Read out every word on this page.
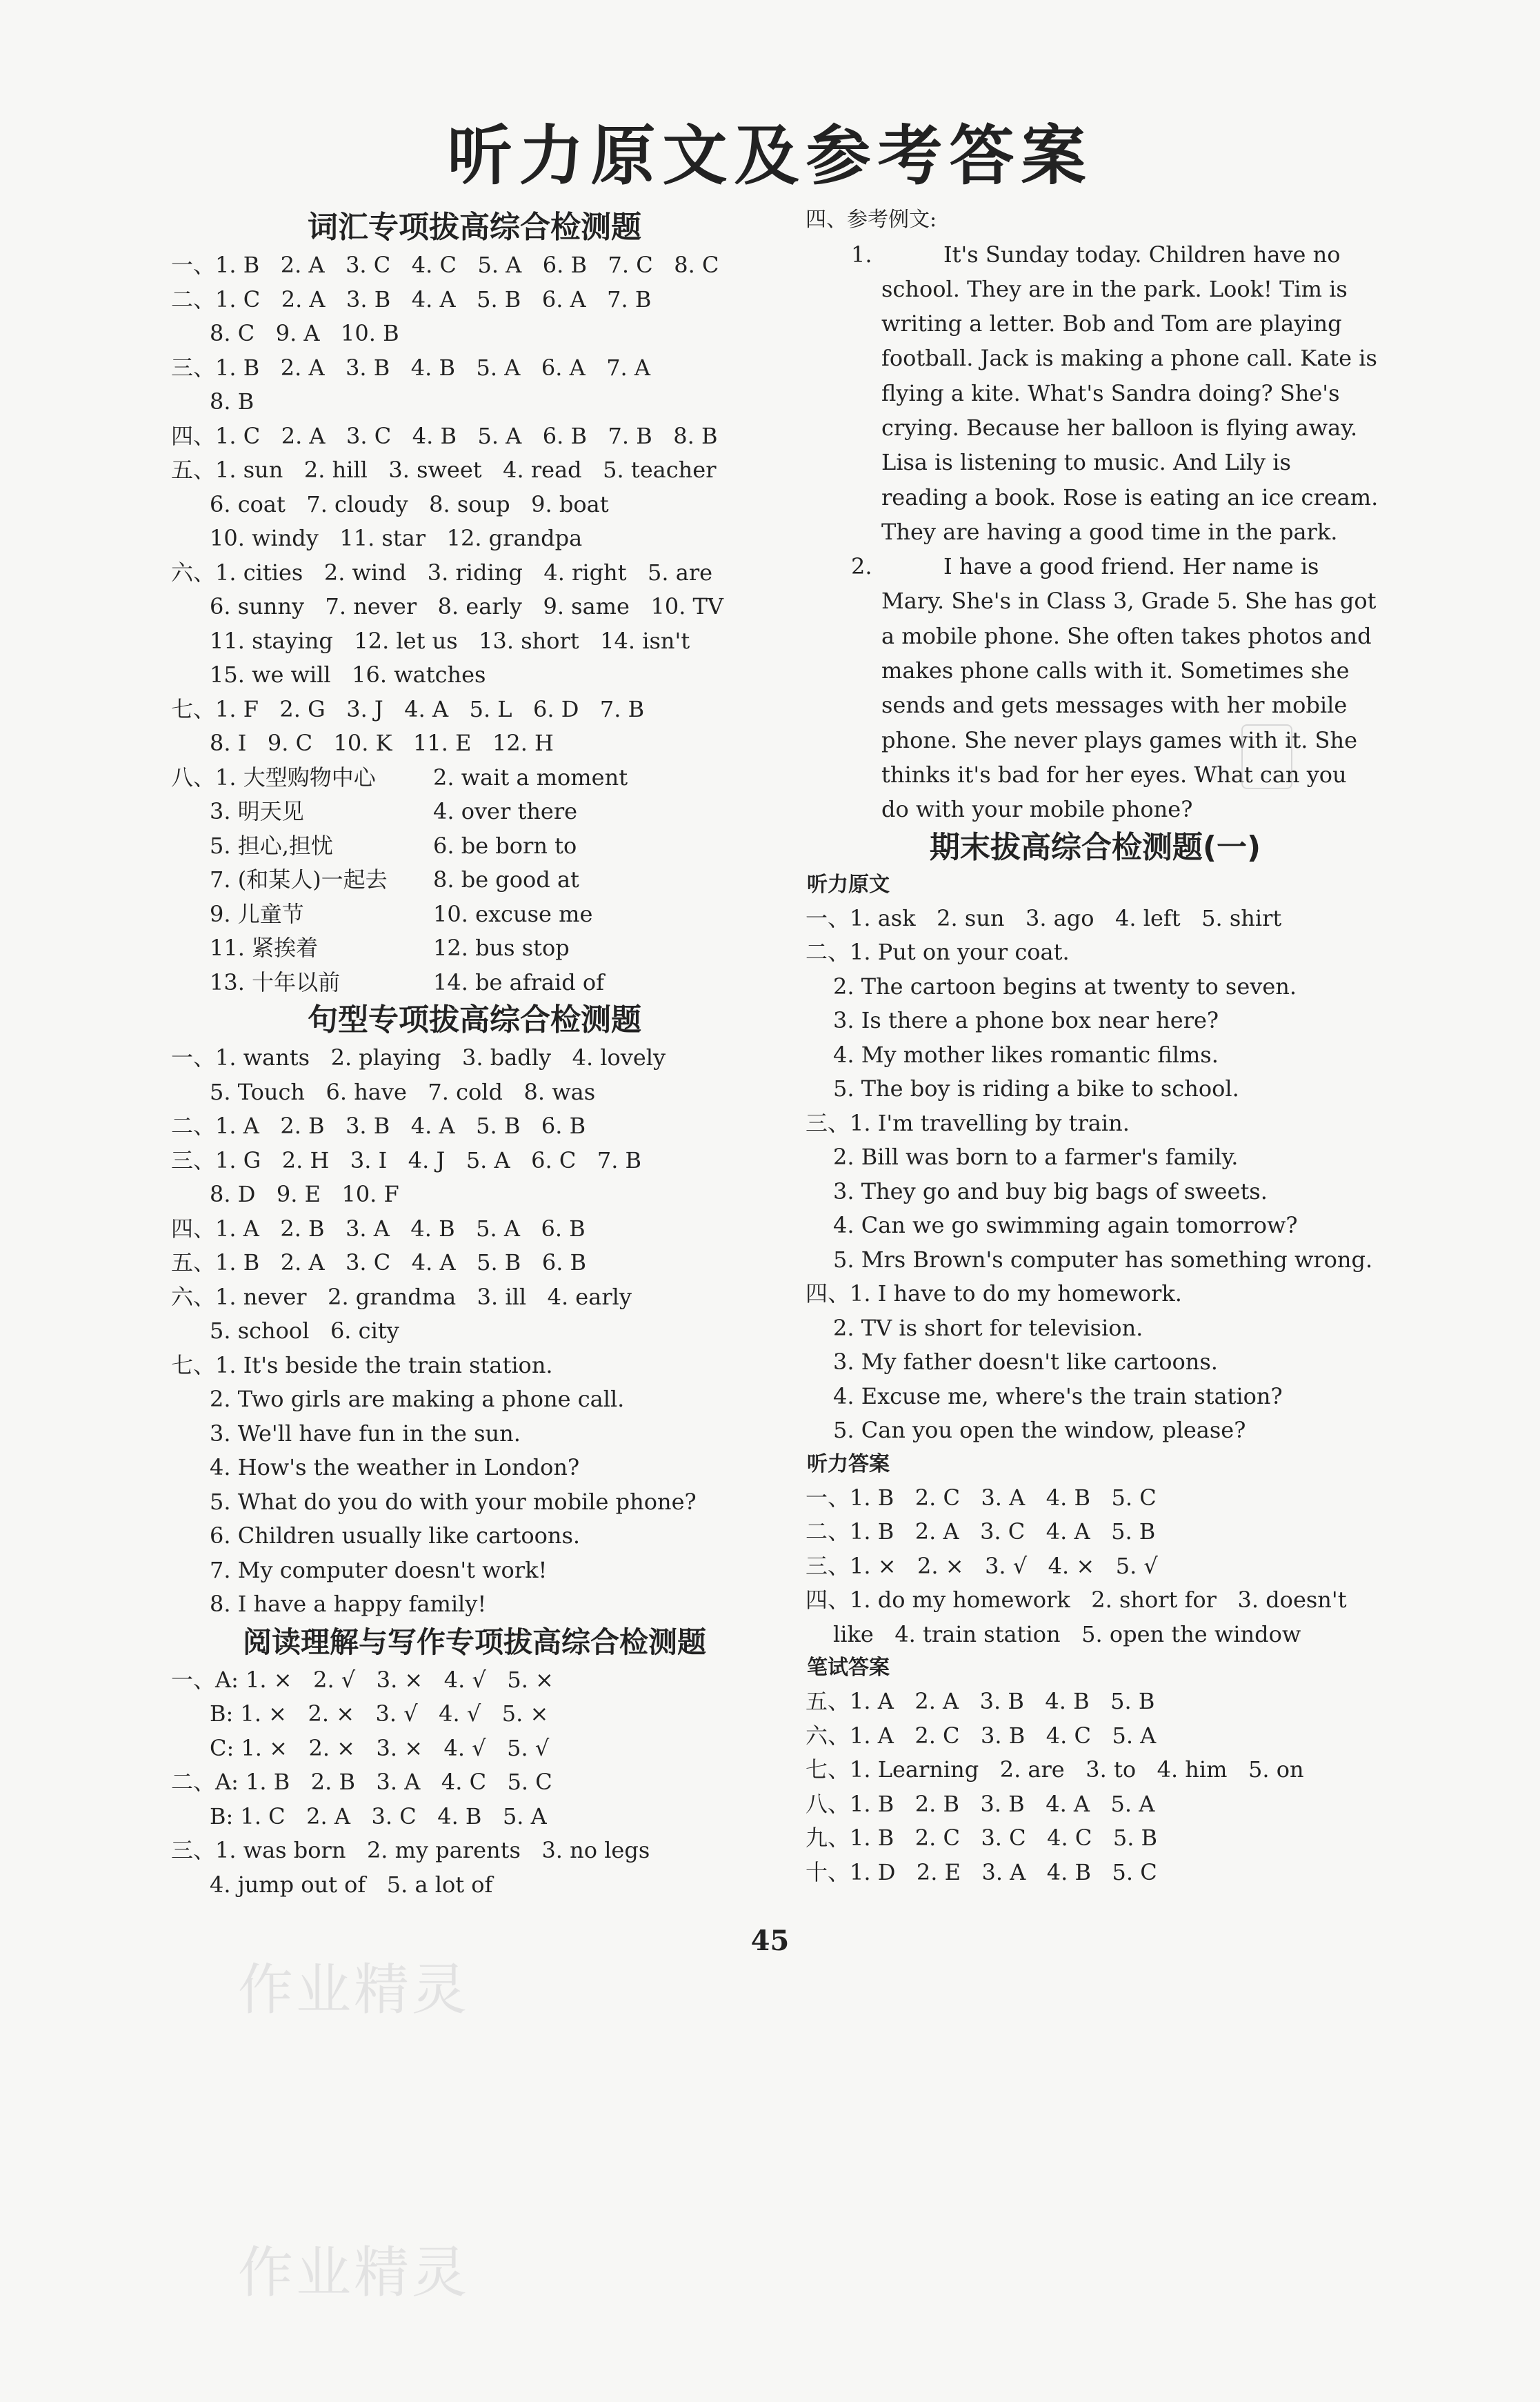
听力原文及参考答案
词汇专项拔高综合检测题
一、1. B   2. A   3. C   4. C   5. A   6. B   7. C   8. C
二、1. C   2. A   3. B   4. A   5. B   6. A   7. B
8. C   9. A   10. B
三、1. B   2. A   3. B   4. B   5. A   6. A   7. A
8. B
四、1. C   2. A   3. C   4. B   5. A   6. B   7. B   8. B
五、1. sun   2. hill   3. sweet   4. read   5. teacher
6. coat   7. cloudy   8. soup   9. boat
10. windy   11. star   12. grandpa
六、1. cities   2. wind   3. riding   4. right   5. are
6. sunny   7. never   8. early   9. same   10. TV
11. staying   12. let us   13. short   14. isn't
15. we will   16. watches
七、1. F   2. G   3. J   4. A   5. L   6. D   7. B
8. I   9. C   10. K   11. E   12. H
八、1. 大型购物中心	2. wait a moment
3. 明天见	4. over there
5. 担心,担忧	6. be born to
7. (和某人)一起去	8. be good at
9. 儿童节	10. excuse me
11. 紧挨着	12. bus stop
13. 十年以前	14. be afraid of
句型专项拔高综合检测题
一、1. wants   2. playing   3. badly   4. lovely
5. Touch   6. have   7. cold   8. was
二、1. A   2. B   3. B   4. A   5. B   6. B
三、1. G   2. H   3. I   4. J   5. A   6. C   7. B
8. D   9. E   10. F
四、1. A   2. B   3. A   4. B   5. A   6. B
五、1. B   2. A   3. C   4. A   5. B   6. B
六、1. never   2. grandma   3. ill   4. early
5. school   6. city
七、1. It's beside the train station.
2. Two girls are making a phone call.
3. We'll have fun in the sun.
4. How's the weather in London?
5. What do you do with your mobile phone?
6. Children usually like cartoons.
7. My computer doesn't work!
8. I have a happy family!
阅读理解与写作专项拔高综合检测题
一、A: 1. ×   2. √   3. ×   4. √   5. ×
B: 1. ×   2. ×   3. √   4. √   5. ×
C: 1. ×   2. ×   3. ×   4. √   5. √
二、A: 1. B   2. B   3. A   4. C   5. C
B: 1. C   2. A   3. C   4. B   5. A
三、1. was born   2. my parents   3. no legs
4. jump out of   5. a lot of
四、参考例文:
1.	It's Sunday today. Children have no
school. They are in the park. Look! Tim is
writing a letter. Bob and Tom are playing
football. Jack is making a phone call. Kate is
flying a kite. What's Sandra doing? She's
crying. Because her balloon is flying away.
Lisa is listening to music. And Lily is
reading a book. Rose is eating an ice cream.
They are having a good time in the park.
2.	I have a good friend. Her name is
Mary. She's in Class 3, Grade 5. She has got
a mobile phone. She often takes photos and
makes phone calls with it. Sometimes she
sends and gets messages with her mobile
phone. She never plays games with it. She
thinks it's bad for her eyes. What can you
do with your mobile phone?
期末拔高综合检测题(一)
听力原文
一、1. ask   2. sun   3. ago   4. left   5. shirt
二、1. Put on your coat.
2. The cartoon begins at twenty to seven.
3. Is there a phone box near here?
4. My mother likes romantic films.
5. The boy is riding a bike to school.
三、1. I'm travelling by train.
2. Bill was born to a farmer's family.
3. They go and buy big bags of sweets.
4. Can we go swimming again tomorrow?
5. Mrs Brown's computer has something wrong.
四、1. I have to do my homework.
2. TV is short for television.
3. My father doesn't like cartoons.
4. Excuse me, where's the train station?
5. Can you open the window, please?
听力答案
一、1. B   2. C   3. A   4. B   5. C
二、1. B   2. A   3. C   4. A   5. B
三、1. ×   2. ×   3. √   4. ×   5. √
四、1. do my homework   2. short for   3. doesn't
like   4. train station   5. open the window
笔试答案
五、1. A   2. A   3. B   4. B   5. B
六、1. A   2. C   3. B   4. C   5. A
七、1. Learning   2. are   3. to   4. him   5. on
八、1. B   2. B   3. B   4. A   5. A
九、1. B   2. C   3. C   4. C   5. B
十、1. D   2. E   3. A   4. B   5. C
45
作业精灵
作业精灵
